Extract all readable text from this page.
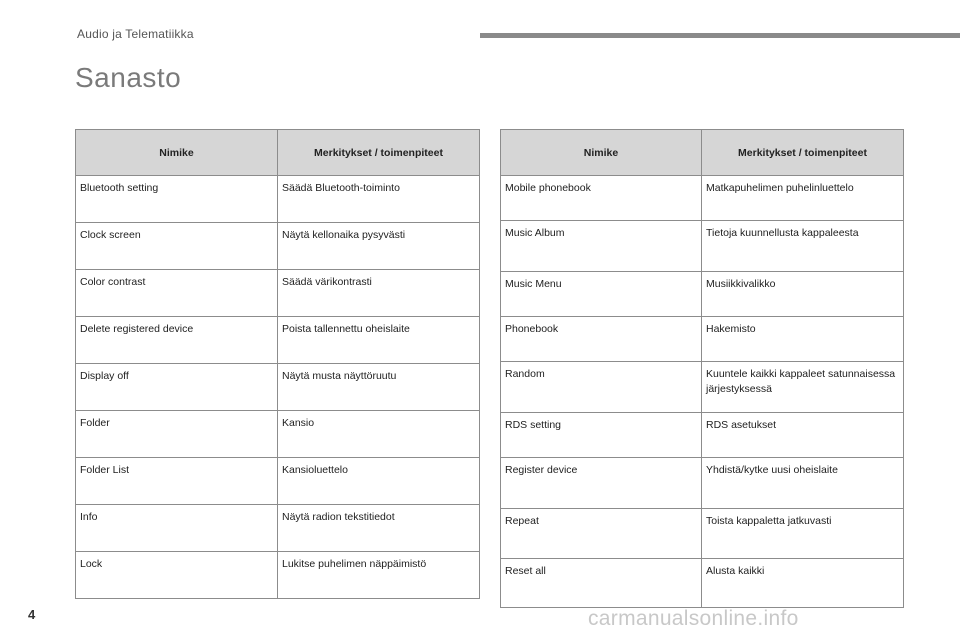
Audio ja Telematiikka
Sanasto
Nimike	Merkitykset / toimenpiteet
Bluetooth setting	Säädä Bluetooth-toiminto
Clock screen	Näytä kellonaika pysyvästi
Color contrast	Säädä värikontrasti
Delete registered device	Poista tallennettu oheislaite
Display off	Näytä musta näyttöruutu
Folder	Kansio
Folder List	Kansioluettelo
Info	Näytä radion tekstitiedot
Lock	Lukitse puhelimen näppäimistö
Nimike	Merkitykset / toimenpiteet
Mobile phonebook	Matkapuhelimen puhelinluettelo
Music Album	Tietoja kuunnellusta kappaleesta
Music Menu	Musiikkivalikko
Phonebook	Hakemisto
Random	Kuuntele kaikki kappaleet satunnaisessa järjestyksessä
RDS setting	RDS asetukset
Register device	Yhdistä/kytke uusi oheislaite
Repeat	Toista kappaletta jatkuvasti
Reset all	Alusta kaikki
4	carmanualsonline.info
